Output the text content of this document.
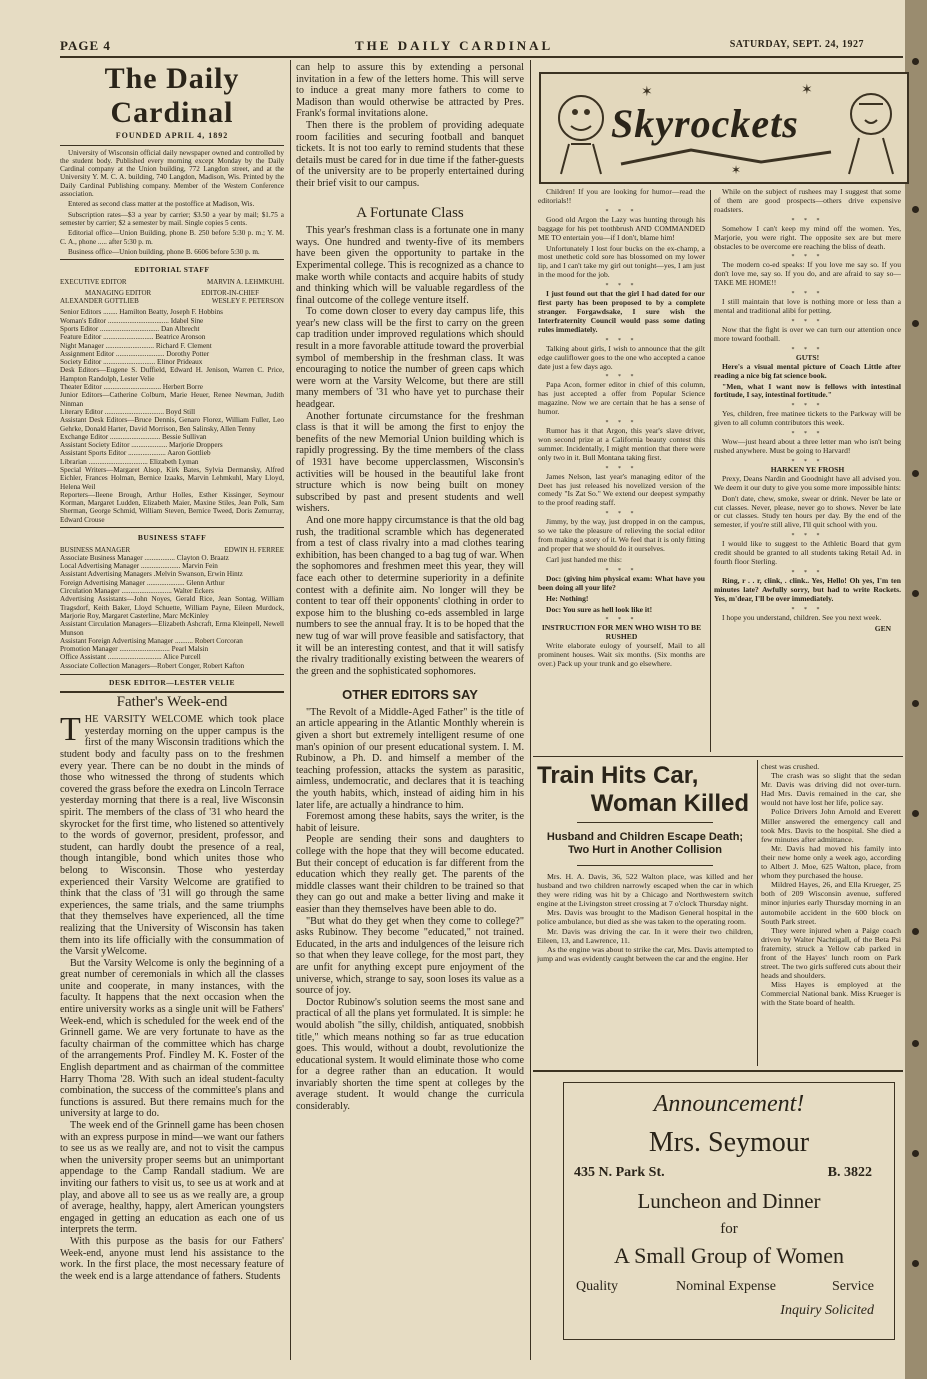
PAGE 4	THE DAILY CARDINAL	SATURDAY, SEPT. 24, 1927
The Daily Cardinal
FOUNDED APRIL 4, 1892

University of Wisconsin official daily newspaper owned and controlled by the student body. Published every morning except Monday by the Daily Cardinal company at the Union building, 772 Langdon street, and at the University Y. M. C. A. building, 740 Langdon, Madison, Wis. Printed by the Daily Cardinal Publishing company. Member of the Western Conference association.

Entered as second class matter at the postoffice at Madison, Wis.

Subscription rates—$3 a year by carrier; $3.50 a year by mail; $1.75 a semester by carrier; $2 a semester by mail. Single copies 5 cents.

Editorial office—Union Building, phone B. 250 before 5:30 p. m.; Y. M. C. A., phone ..... after 5:30 p. m.

Business office—Union building, phone B. 6606 before 5:30 p. m.

EDITORIAL STAFF
EXECUTIVE EDITOR	MARVIN A. LEHMKUHL
MANAGING EDITOR	EDITOR-IN-CHIEF
ALEXANDER GOTTLIEB	WESLEY F. PETERSON
Senior Editors ........ Hamilton Beatty, Joseph F. Hobbins
Woman's Editor .................................. Idabel Sine
Sports Editor ................................. Dan Albrecht
Feature Editor ............................ Beatrice Aronson
Night Manager ........................... Richard F. Clement
Assignment Editor ........................... Dorothy Potter
Society Editor ............................. Elinor Prideaux
Desk Editors—Eugene S. Duffield, Edward H. Jenison, Warren C. Price, Hampton Randolph, Lester Velie
Theater Editor ................................ Herbert Borre
Junior Editors—Catherine Colburn, Marie Heuer, Renee Newman, Judith Ninman
Literary Editor ................................. Boyd Still
Assistant Desk Editors—Bruce Dennis, Genaro Florez, William Fuller, Leo Gehrke, Donald Harter, David Morrison, Ben Salinsky, Allen Tenny
Exchange Editor ............................ Bessie Sullivan
Assistant Society Editor .................... Marjorie Droppers
Assistant Sports Editor ..................... Aaron Gottlieb
Librarian ................................. Elizabeth Lyman
Special Writers—Margaret Alsop, Kirk Bates, Sylvia Dermansky, Alfred Eichler, Frances Holman, Bernice Izaaks, Marvin Lehmkuhl, Mary Lloyd, Helena Weil
Reporters—Ileene Brough, Arthur Holles, Esther Kissinger, Seymour Korman, Margaret Ludden, Elizabeth Maier, Maxine Stiles, Jean Polk, Sam Sherman, George Schmid, William Steven, Bernice Tweed, Doris Zemurray, Edward Crouse
BUSINESS STAFF
BUSINESS MANAGER	EDWIN H. FERREE
Associate Business Manager ................. Clayton O. Braatz
Local Advertising Manager ...................... Marvin Fein
Assistant Advertising Managers .Melvin Swanson, Erwin Hintz
Foreign Advertising Manager ..................... Glenn Arthur
Circulation Manager ............................ Walter Eckers
Advertising Assistants—John Noyes, Gerald Rice, Jean Sontag, William Tragsdorf, Keith Baker, Lloyd Schuette, William Payne, Eileen Murdock, Marjorie Roy, Margaret Casterline, Marc McKinley
Assistant Circulation Managers—Elizabeth Ashcraft, Erma Kleinpell, Newell Munson
Assistant Foreign Advertising Manager .......... Robert Corcoran
Promotion Manager ............................ Pearl Malsin
Office Assistant .............................. Alice Purcell
Associate Collection Managers—Robert Conger, Robert Kafton
DESK EDITOR—LESTER VELIE
Father's Week-end

THE VARSITY WELCOME which took place yesterday morning on the upper campus is the first of the many Wisconsin traditions which the student body and faculty pass on to the freshmen every year. There can be no doubt in the minds of those who witnessed the throng of students which covered the grass before the exedra on Lincoln Terrace yesterday morning that there is a real, live Wisconsin spirit. The members of the class of '31 who heard the skyrocket for the first time, who listened so attentively to the words of governor, president, professor, and student, can hardly doubt the presence of a real, though intangible, bond which unites those who belong to Wisconsin. Those who yesterday experienced their Varsity Welcome are gratified to think that the class of '31 will go through the same experiences, the same trials, and the same triumphs that they themselves have experienced, all the time realizing that the University of Wisconsin has taken them into its life officially with the consummation of the Varsit yWelcome.

But the Varsity Welcome is only the beginning of a great number of ceremonials in which all the classes unite and cooperate, in many instances, with the faculty. It happens that the next occasion when the entire university works as a single unit will be Fathers' Week-end, which is scheduled for the week end of the Grinnell game. We are very fortunate to have as the faculty chairman of the committee which has charge of the arrangements Prof. Findley M. K. Foster of the English department and as chairman of the committee Harry Thoma '28. With such an ideal student-faculty combination, the success of the committee's plans and functions is assured. But there remains much for the university at large to do.

The week end of the Grinnell game has been chosen with an express purpose in mind—we want our fathers to see us as we really are, and not to visit the campus when the university proper seems but an unimportant appendage to the Camp Randall stadium. We are inviting our fathers to visit us, to see us at work and at play, and above all to see us as we really are, a group of average, healthy, happy, alert American youngsters engaged in getting an education as each one of us interprets the term.

With this purpose as the basis for our Fathers' Week-end, anyone must lend his assistance to the work. In the first place, the most necessary feature of the week end is a large attendance of fathers. Students

can help to assure this by extending a personal invitation in a few of the letters home. This will serve to induce a great many more fathers to come to Madison than would otherwise be attracted by Pres. Frank's formal invitations alone.

Then there is the problem of providing adequate room facilities and securing football and banquet tickets. It is not too early to remind students that these details must be cared for in due time if the father-guests of the university are to be properly entertained during their brief visit to our campus.

A Fortunate Class

This year's freshman class is a fortunate one in many ways. One hundred and twenty-five of its members have been given the opportunity to partake in the Experimental college. This is recognized as a chance to make worth while contacts and acquire habits of study and thinking which will be valuable regardless of the final outcome of the college venture itself.

To come down closer to every day campus life, this year's new class will be the first to carry on the green cap tradition under improved regulations which should result in a more favorable attitude toward the proverbial symbol of membership in the freshman class. It was encouraging to notice the number of green caps which were worn at the Varsity Welcome, but there are still many members of '31 who have yet to purchase their headgear.

Another fortunate circumstance for the freshman class is that it will be among the first to enjoy the benefits of the new Memorial Union building which is rapidly progressing. By the time members of the class of 1931 have become upperclassmen, Wisconsin's activities will be housed in the beautiful lake front structure which is now being built on money subscribed by past and present students and well wishers.

And one more happy circumstance is that the old bag rush, the traditional scramble which has degenerated from a test of class rivalry into a mad clothes tearing exhibition, has been changed to a bag tug of war. When the sophomores and freshmen meet this year, they will face each other to determine superiority in a definite contest with a definite aim. No longer will they be content to tear off their opponents' clothing in order to expose him to the blushing co-eds assembled in large numbers to see the annual fray. It is to be hoped that the new tug of war will prove feasible and satisfactory, that it will be an interesting contest, and that it will satisfy the rivalry traditionally existing between the wearers of the green and the sophisticated sophomores.

OTHER EDITORS SAY

"The Revolt of a Middle-Aged Father" is the title of an article appearing in the Atlantic Monthly wherein is given a short but extremely intelligent resume of one man's opinion of our present educational system. I. M. Rubinow, a Ph. D. and himself a member of the teaching profession, attacks the system as parasitic, aimless, undemocratic, and declares that it is teaching the youth habits, which, instead of aiding him in his later life, are actually a hindrance to him.

Foremost among these habits, says the writer, is the habit of leisure.

People are sending their sons and daughters to college with the hope that they will become educated. But their concept of education is far different from the education which they really get. The parents of the middle classes want their children to be trained so that they can go out and make a better living and make it easier than they themselves have been able to do.

"But what do they get when they come to college?" asks Rubinow. They become "educated," not trained. Educated, in the arts and indulgences of the leisure rich so that when they leave college, for the most part, they are unfit for anything except pure enjoyment of the universe, which, strange to say, soon loses its value as a source of joy.

Doctor Rubinow's solution seems the most sane and practical of all the plans yet formulated. It is simple: he would abolish "the silly, childish, antiquated, snobbish title," which means nothing so far as true education goes. This would, without a doubt, revolutionize the educational system. It would eliminate those who come for a degree rather than an education. It would invariably shorten the time spent at colleges by the average student. It would change the curricula considerably.

✶	✶
✶
Skyrockets

Children! If you are looking for humor—read the editorials!!

* * *

Good old Argon the Lazy was hunting through his baggage for his pet toothbrush AND COMMANDED ME TO entertain you—if I don't, blame him!

Unfortunately I lost four bucks on the ex-champ, a most unethetic cold sore has blossomed on my lower lip, and I can't take my girl out tonight—yes, I am just in the mood for the job.

* * *

I just found out that the girl I had dated for our first party has been proposed to by a complete stranger. Forgawdsake, I sure wish the Interfraternity Council would pass some dating rules immediately.

* * *

Talking about girls, I wish to announce that the gilt edge cauliflower goes to the one who accepted a canoe date just a few days ago.

* * *

Papa Acon, former editor in chief of this column, has just accepted a offer from Popular Science magazine. Now we are certain that he has a sense of humor.

* * *

Rumor has it that Argon, this year's slave driver, won second prize at a California beauty contest this summer. Incidentally, I might mention that there were only two in it. Bull Montana taking first.

* * *

James Nelson, last year's managing editor of the Deet has just released his novelized version of the comedy "Is Zat So." We extend our deepest sympathy to the proof reading staff.

* * *

Jimmy, by the way, just dropped in on the campus, so we take the pleasure of relieving the social editor from making a story of it. We feel that it is only fitting and proper that we should do it ourselves.

Carl just handed me this:

* * *

Doc: (giving him physical exam: What have you been doing all your life?

He: Nothing!

Doc: You sure as hell look like it!

* * *
INSTRUCTION FOR MEN WHO WISH TO BE RUSHED

Write elaborate eulogy of yourself, Mail to all prominent houses. Wait six months. (Six months are over.) Pack up your trunk and go elsewhere.

While on the subject of rushees may I suggest that some of them are good prospects—others drive expensive roadsters.

* * *

Somehow I can't keep my mind off the women. Yes, Marjorie, you were right. The opposite sex are but mere obstacles to be overcome ere reaching the bliss of death.

* * *

The modern co-ed speaks: If you love me say so. If you don't love me, say so. If you do, and are afraid to say so—TAKE ME HOME!!

* * *

I still maintain that love is nothing more or less than a mental and traditional alibi for petting.

* * *

Now that the fight is over we can turn our attention once more toward football.

* * *
GUTS!

Here's a visual mental picture of Coach Little after reading a nice big fat science book.

"Men, what I want now is fellows with intestinal fortitude, I say, intestinal fortitude."

* * *

Yes, children, free matinee tickets to the Parkway will be given to all column contributors this week.

* * *

Wow—just heard about a three letter man who isn't being rushed anywhere. Must be going to Harvard!

* * *
HARKEN YE FROSH

Prexy, Deans Nardin and Goodnight have all advised you. We deem it our duty to give you some more impossible hints:

Don't date, chew, smoke, swear or drink. Never be late or cut classes. Never, please, never go to shows. Never be late or cut classes. Study ten hours per day. By the end of the semester, if you're still alive, I'll quit school with you.

* * *

I would like to suggest to the Athletic Board that gym credit should be granted to all students taking Retail Ad. in fourth floor Sterling.

* * *

Ring, r . . r, clink, . clink.. Yes, Hello! Oh yes, I'm ten minutes late? Awfully sorry, but had to write Rockets. Yes, m'dear, I'll be over immediately.

* * *

I hope you understand, children. See you next week.

GEN
Train Hits Car,
Woman Killed
Husband and Children Escape Death; Two Hurt in Another Collision

Mrs. H. A. Davis, 36, 522 Walton place, was killed and her husband and two children narrowly escaped when the car in which they were riding was hit by a Chicago and Northwestern switch engine at the Livingston street crossing at 7 o'clock Thursday night.

Mrs. Davis was brought to the Madison General hospital in the police ambulance, but died as she was taken to the operating room.

Mr. Davis was driving the car. In it were their two children, Eileen, 13, and Lawrence, 11.

As the engine was about to strike the car, Mrs. Davis attempted to jump and was evidently caught between the car and the engine. Her

chest was crushed.

The crash was so slight that the sedan Mr. Davis was driving did not over-turn. Had Mrs. Davis remained in the car, she would not have lost her life, police say.

Police Drivers John Arnold and Everett Miller answered the emergency call and took Mrs. Davis to the hospital. She died a few minutes after admittance.

Mr. Davis had moved his family into their new home only a week ago, according to Albert J. Moe, 625 Walton, place, from whom they purchased the house.

Mildred Hayes, 26, and Ella Krueger, 25 both of 209 Wisconsin avenue, suffered minor injuries early Thursday morning in an automobile accident in the 600 block on South Park street.

They were injured when a Paige coach driven by Walter Nachtigall, of the Beta Psi fraternity, struck a Yellow cab parked in front of the Hayes' lunch room on Park street. The two girls suffered cuts about their heads and shoulders.

Miss Hayes is employed at the Commercial National bank. Miss Krueger is with the State board of health.

Announcement!
Mrs. Seymour
435 N. Park St.	B. 3822
Luncheon and Dinner
for
A Small Group of Women
Quality	Nominal Expense	Service
Inquiry Solicited
